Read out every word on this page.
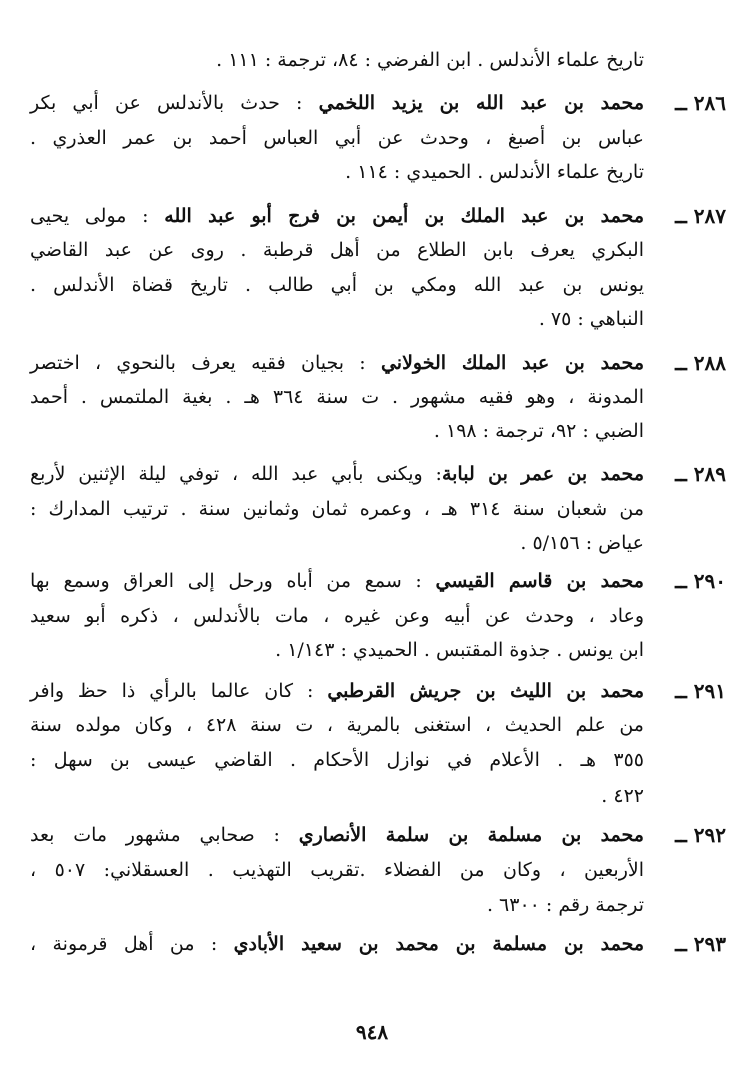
تاريخ علماء الأندلس . ابن الفرضي : ٨٤، ترجمة : ١١١ .
٢٨٦ ــ
محمد بن عبد الله بن يزيد اللخمي : حدث بالأندلس عن أبي بكر
عباس بن أصبغ ، وحدث عن أبي العباس أحمد بن عمر العذري .
تاريخ علماء الأندلس . الحميدي : ١١٤ .
٢٨٧ ــ
محمد بن عبد الملك بن أيمن بن فرج أبو عبد الله : مولى يحيى
البكري يعرف بابن الطلاع من أهل قرطبة . روى عن عبد القاضي
يونس بن عبد الله ومكي بن أبي طالب . تاريخ قضاة الأندلس .
النباهي : ٧٥ .
٢٨٨ ــ
محمد بن عبد الملك الخولاني : بجيان فقيه يعرف بالنحوي ، اختصر
المدونة ، وهو فقيه مشهور . ت سنة ٣٦٤ هـ . بغية الملتمس . أحمد
الضبي : ٩٢، ترجمة : ١٩٨ .
٢٨٩ ــ
محمد بن عمر بن لبابة: ويكنى بأبي عبد الله ، توفي ليلة الإثنين لأربع
من شعبان سنة ٣١٤ هـ ، وعمره ثمان وثمانين سنة . ترتيب المدارك :
عياض : ٥/١٥٦ .
٢٩٠ ــ
محمد بن قاسم القيسي : سمع من أباه ورحل إلى العراق وسمع بها
وعاد ، وحدث عن أبيه وعن غيره ، مات بالأندلس ، ذكره أبو سعيد
ابن يونس . جذوة المقتبس . الحميدي : ١/١٤٣ .
٢٩١ ــ
محمد بن الليث بن جريش القرطبي : كان عالما بالرأي ذا حظ وافر
من علم الحديث ، استغنى بالمرية ، ت سنة ٤٢٨ ، وكان مولده سنة
٣٥٥ هـ . الأعلام في نوازل الأحكام . القاضي عيسى بن سهل :
٤٢٢ .
٢٩٢ ــ
محمد بن مسلمة بن سلمة الأنصاري : صحابي مشهور مات بعد
الأربعين ، وكان من الفضلاء .تقريب التهذيب . العسقلاني: ٥٠٧ ،
ترجمة رقم : ٦٣٠٠ .
٢٩٣ ــ
محمد بن مسلمة بن محمد بن سعيد الأبادي : من أهل قرمونة ،
٩٤٨
